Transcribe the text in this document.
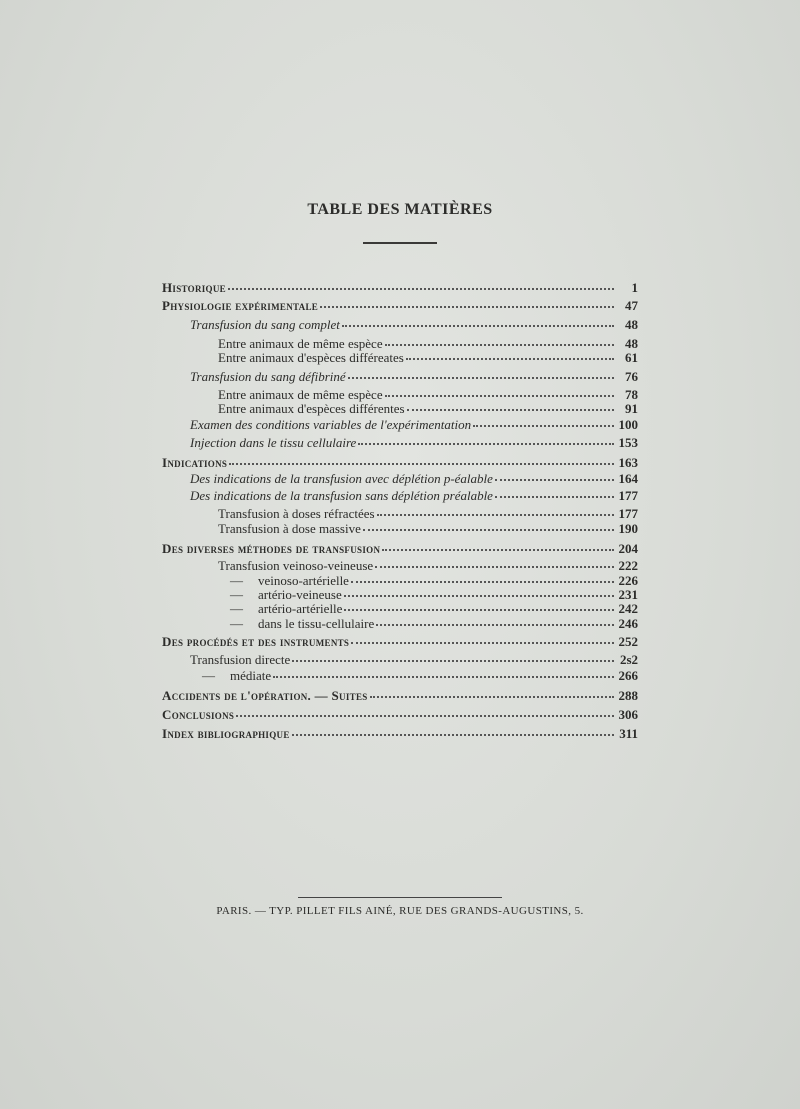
TABLE DES MATIÈRES
Historique	1
Physiologie expérimentale	47
Transfusion du sang complet	48
Entre animaux de même espèce	48
Entre animaux d'espèces différeates	61
Transfusion du sang défibriné	76
Entre animaux de même espèce	78
Entre animaux d'espèces différentes	91
Examen des conditions variables de l'expérimentation	100
Injection dans le tissu cellulaire	153
Indications	163
Des indications de la transfusion avec déplétion p‑éalable	164
Des indications de la transfusion sans déplétion préalable	177
Transfusion à doses réfractées	177
Transfusion à dose massive	190
Des diverses méthodes de transfusion	204
Transfusion veinoso-veineuse	222
— veinoso-artérielle	226
— artério-veineuse	231
— artério-artérielle	242
— dans le tissu-cellulaire	246
Des procédés et des instruments	252
Transfusion directe	2s2
— médiate	266
Accidents de l'opération. — Suites	288
Conclusions	306
Index bibliographique	311
PARIS. — TYP. PILLET FILS AINÉ, RUE DES GRANDS-AUGUSTINS, 5.
